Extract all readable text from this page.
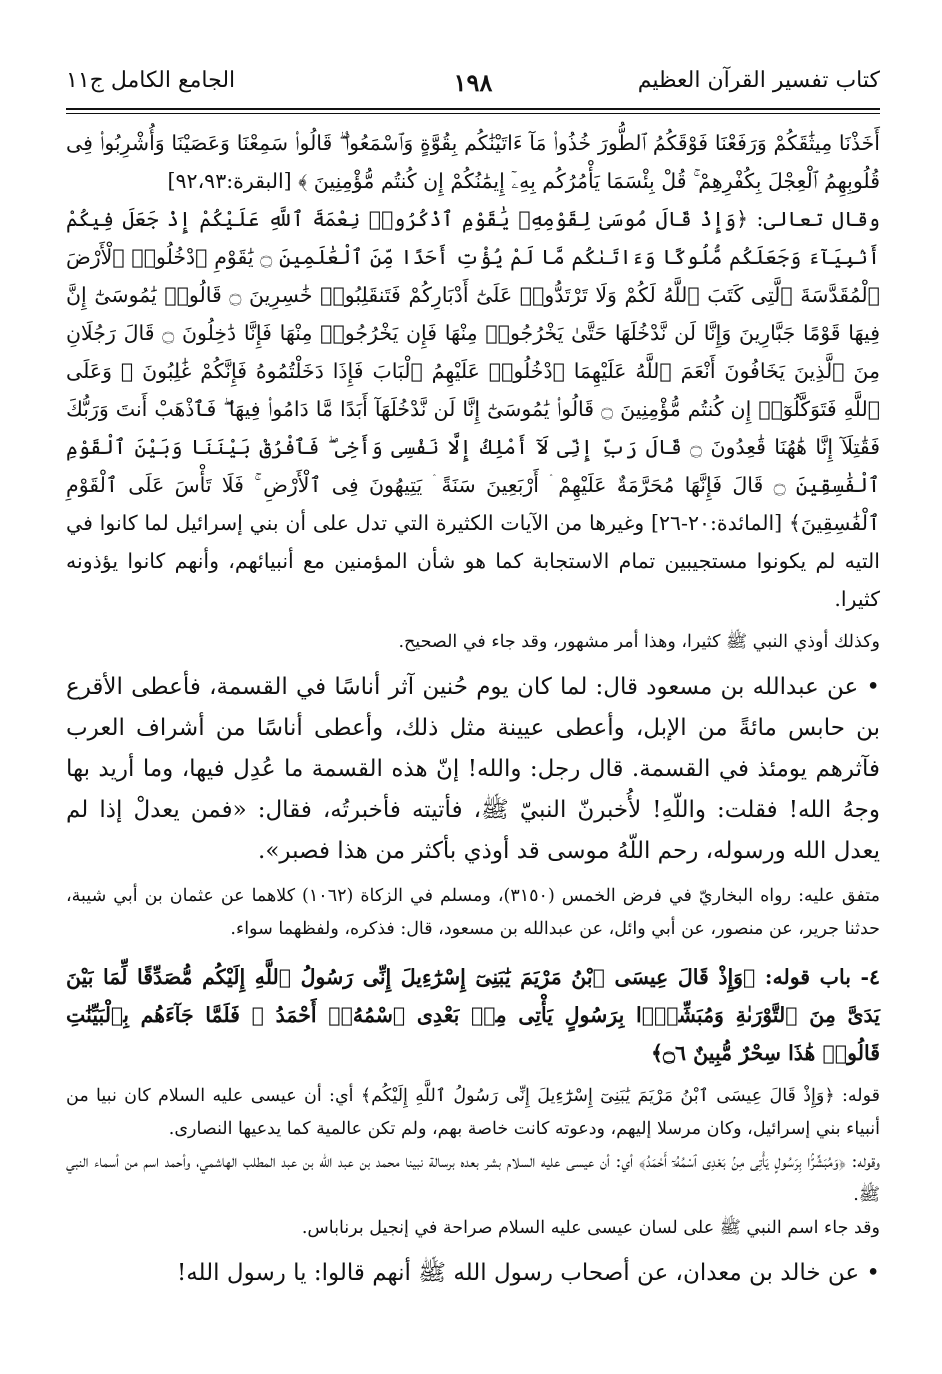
كتاب تفسير القرآن العظيم
١٩٨
الجامع الكامل ج١١

أَخَذْنَا مِيثَٰقَكُمْ وَرَفَعْنَا فَوْقَكُمُ ٱلطُّورَ خُذُوا۟ مَآ ءَاتَيْنَٰكُم بِقُوَّةٍ وَٱسْمَعُوا۟ ۖ قَالُوا۟ سَمِعْنَا وَعَصَيْنَا وَأُشْرِبُوا۟ فِى قُلُوبِهِمُ ٱلْعِجْلَ بِكُفْرِهِمْ ۚ قُلْ بِئْسَمَا يَأْمُرُكُم بِهِۦٓ إِيمَٰنُكُمْ إِن كُنتُم مُّؤْمِنِينَ ﴾ [البقرة:٩٢،٩٣]

وقال تعالى: ﴿وَإِذْ قَالَ مُوسَىٰ لِقَوْمِهِۦ يَٰقَوْمِ ٱذْكُرُوا۟ نِعْمَةَ ٱللَّهِ عَلَيْكُمْ إِذْ جَعَلَ فِيكُمْ أَنۢبِيَآءَ وَجَعَلَكُم مُّلُوكًا وَءَاتَىٰكُم مَّا لَمْ يُؤْتِ أَحَدًا مِّنَ ٱلْعَٰلَمِينَ ۝ يَٰقَوْمِ ٱدْخُلُوا۟ ٱلْأَرْضَ ٱلْمُقَدَّسَةَ ٱلَّتِى كَتَبَ ٱللَّهُ لَكُمْ وَلَا تَرْتَدُّوا۟ عَلَىٰٓ أَدْبَارِكُمْ فَتَنقَلِبُوا۟ خَٰسِرِينَ ۝ قَالُوا۟ يَٰمُوسَىٰٓ إِنَّ فِيهَا قَوْمًا جَبَّارِينَ وَإِنَّا لَن نَّدْخُلَهَا حَتَّىٰ يَخْرُجُوا۟ مِنْهَا فَإِن يَخْرُجُوا۟ مِنْهَا فَإِنَّا دَٰخِلُونَ ۝ قَالَ رَجُلَانِ مِنَ ٱلَّذِينَ يَخَافُونَ أَنْعَمَ ٱللَّهُ عَلَيْهِمَا ٱدْخُلُوا۟ عَلَيْهِمُ ٱلْبَابَ فَإِذَا دَخَلْتُمُوهُ فَإِنَّكُمْ غَٰلِبُونَ ۚ وَعَلَى ٱللَّهِ فَتَوَكَّلُوٓا۟ إِن كُنتُم مُّؤْمِنِينَ ۝ قَالُوا۟ يَٰمُوسَىٰٓ إِنَّا لَن نَّدْخُلَهَآ أَبَدًا مَّا دَامُوا۟ فِيهَا ۖ فَٱذْهَبْ أَنتَ وَرَبُّكَ فَقَٰتِلَآ إِنَّا هَٰهُنَا قَٰعِدُونَ ۝ قَالَ رَبِّ إِنِّى لَآ أَمْلِكُ إِلَّا نَفْسِى وَأَخِى ۖ فَٱفْرُقْ بَيْنَنَا وَبَيْنَ ٱلْقَوْمِ ٱلْفَٰسِقِينَ ۝ قَالَ فَإِنَّهَا مُحَرَّمَةٌ عَلَيْهِمْ ۛ أَرْبَعِينَ سَنَةً ۛ يَتِيهُونَ فِى ٱلْأَرْضِ ۚ فَلَا تَأْسَ عَلَى ٱلْقَوْمِ ٱلْفَٰسِقِينَ﴾ [المائدة:٢٠-٢٦] وغيرها من الآيات الكثيرة التي تدل على أن بني إسرائيل لما كانوا في التيه لم يكونوا مستجيبين تمام الاستجابة كما هو شأن المؤمنين مع أنبيائهم، وأنهم كانوا يؤذونه كثيرا.

وكذلك أوذي النبي ﷺ كثيرا، وهذا أمر مشهور، وقد جاء في الصحيح.

• عن عبدالله بن مسعود قال: لما كان يوم حُنين آثر أناسًا في القسمة، فأعطى الأقرع بن حابس مائةً من الإبل، وأعطى عيينة مثل ذلك، وأعطى أناسًا من أشراف العرب فآثرهم يومئذ في القسمة. قال رجل: والله! إنّ هذه القسمة ما عُدِل فيها، وما أريد بها وجهُ الله! فقلت: واللّهِ! لأُخبرنّ النبيّ ﷺ، فأتيته فأخبرتُه، فقال: «فمن يعدلْ إذا لم يعدل الله ورسوله، رحم اللّهُ موسى قد أوذي بأكثر من هذا فصبر».

متفق عليه: رواه البخاريّ في فرض الخمس (٣١٥٠)، ومسلم في الزكاة (١٠٦٢) كلاهما عن عثمان بن أبي شيبة، حدثنا جرير، عن منصور، عن أبي وائل، عن عبدالله بن مسعود، قال: فذكره، ولفظهما سواء.

٤- باب قوله: ﴿وَإِذْ قَالَ عِيسَى ٱبْنُ مَرْيَمَ يَٰبَنِىٓ إِسْرَٰٓءِيلَ إِنِّى رَسُولُ ٱللَّهِ إِلَيْكُم مُّصَدِّقًا لِّمَا بَيْنَ يَدَىَّ مِنَ ٱلتَّوْرَىٰةِ وَمُبَشِّرًۢا بِرَسُولٍ يَأْتِى مِنۢ بَعْدِى ٱسْمُهُۥٓ أَحْمَدُ ۖ فَلَمَّا جَآءَهُم بِٱلْبَيِّنَٰتِ قَالُوا۟ هَٰذَا سِحْرٌ مُّبِينٌ ۝٦﴾

قوله: ﴿وَإِذْ قَالَ عِيسَى ٱبْنُ مَرْيَمَ يَٰبَنِىٓ إِسْرَٰٓءِيلَ إِنِّى رَسُولُ ٱللَّهِ إِلَيْكُم﴾ أي: أن عيسى عليه السلام كان نبيا من أنبياء بني إسرائيل، وكان مرسلا إليهم، ودعوته كانت خاصة بهم، ولم تكن عالمية كما يدعيها النصارى.

وقوله: ﴿وَمُبَشِّرًۢا بِرَسُولٍ يَأْتِى مِنۢ بَعْدِى ٱسْمُهُۥٓ أَحْمَدُ﴾ أي: أن عيسى عليه السلام بشر بعده برسالة نبينا محمد بن عبد الله بن عبد المطلب الهاشمي، وأحمد اسم من أسماء النبي ﷺ.

وقد جاء اسم النبي ﷺ على لسان عيسى عليه السلام صراحة في إنجيل برناباس.

• عن خالد بن معدان، عن أصحاب رسول الله ﷺ أنهم قالوا: يا رسول الله!
